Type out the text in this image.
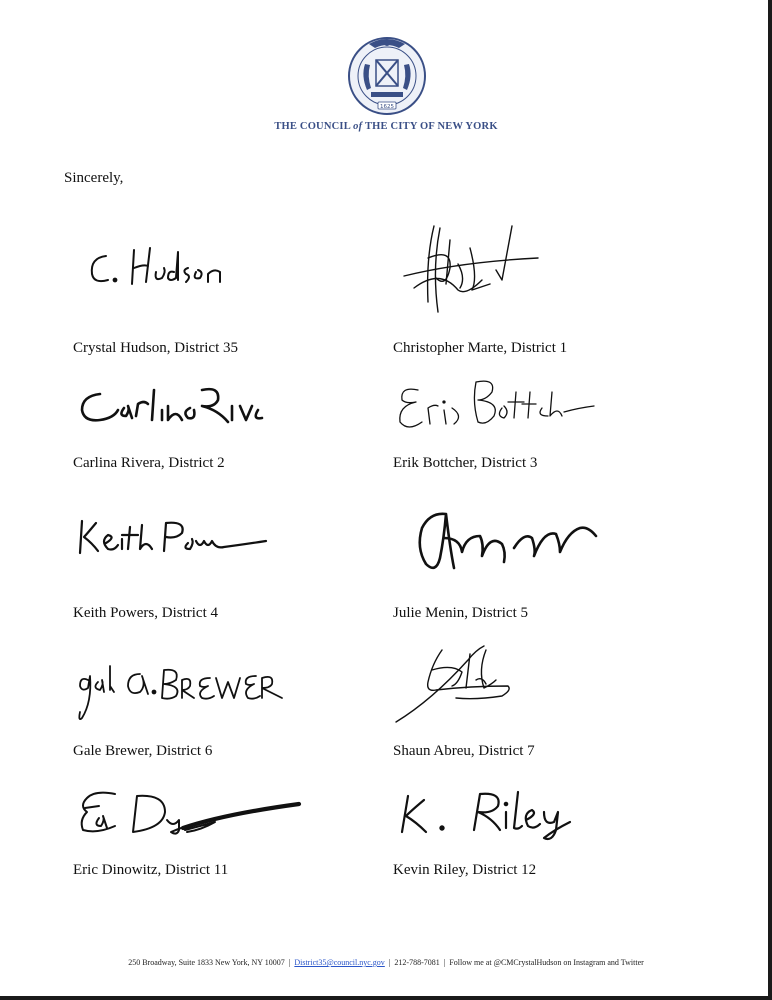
1625
THE COUNCIL of THE CITY OF NEW YORK
Sincerely,
Crystal Hudson, District 35	Christopher Marte, District 1
Carlina Rivera, District 2	Erik Bottcher, District 3
Keith Powers, District 4	Julie Menin, District 5
Gale Brewer, District 6	Shaun Abreu, District 7
Eric Dinowitz, District 11	Kevin Riley, District 12
250 Broadway, Suite 1833 New York, NY 10007 | District35@council.nyc.gov | 212-788-7081 | Follow me at @CMCrystalHudson on Instagram and Twitter
